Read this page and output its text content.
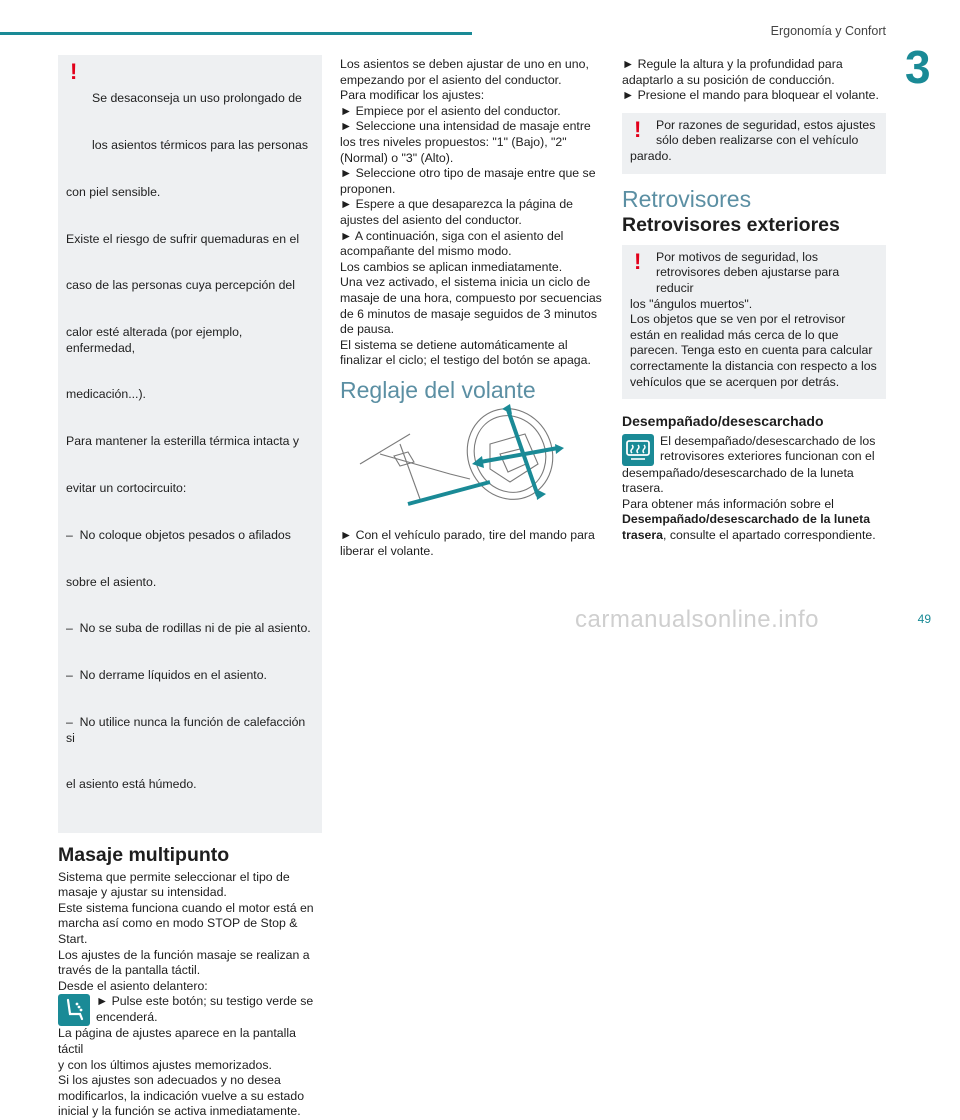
Ergonomía y Confort
3
!

Se desaconseja un uso prolongado de

los asientos térmicos para las personas

con piel sensible.

Existe el riesgo de sufrir quemaduras en el

caso de las personas cuya percepción del

calor esté alterada (por ejemplo, enfermedad,

medicación...).

Para mantener la esterilla térmica intacta y

evitar un cortocircuito:

–  No coloque objetos pesados o afilados

sobre el asiento.

–  No se suba de rodillas ni de pie al asiento.

–  No derrame líquidos en el asiento.

–  No utilice nunca la función de calefacción si

el asiento está húmedo.

Masaje multipunto
Sistema que permite seleccionar el tipo de
masaje y ajustar su intensidad.
Este sistema funciona cuando el motor está en
marcha así como en modo STOP de Stop &
Start.
Los ajustes de la función masaje se realizan a
través de la pantalla táctil.
Desde el asiento delantero:
► Pulse este botón; su testigo verde se
encenderá.
La página de ajustes aparece en la pantalla táctil
y con los últimos ajustes memorizados.
Si los ajustes son adecuados y no desea
modificarlos, la indicación vuelve a su estado
inicial y la función se activa inmediatamente.
Los asientos se deben ajustar de uno en uno,
empezando por el asiento del conductor.
Para modificar los ajustes:
► Empiece por el asiento del conductor.
► Seleccione una intensidad de masaje entre
los tres niveles propuestos: "1" (Bajo), "2"
(Normal) o "3" (Alto).
► Seleccione otro tipo de masaje entre que se
proponen.
► Espere a que desaparezca la página de
ajustes del asiento del conductor.
► A continuación, siga con el asiento del
acompañante del mismo modo.
Los cambios se aplican inmediatamente.
Una vez activado, el sistema inicia un ciclo de
masaje de una hora, compuesto por secuencias
de 6 minutos de masaje seguidos de 3 minutos
de pausa.
El sistema se detiene automáticamente al
finalizar el ciclo; el testigo del botón se apaga.
Reglaje del volante
► Con el vehículo parado, tire del mando para
liberar el volante.
► Regule la altura y la profundidad para
adaptarlo a su posición de conducción.
► Presione el mando para bloquear el volante.
!	Por razones de seguridad, estos ajustes
sólo deben realizarse con el vehículo
parado.
Retrovisores
Retrovisores exteriores
!	Por motivos de seguridad, los
retrovisores deben ajustarse para reducir
los "ángulos muertos".
Los objetos que se ven por el retrovisor
están en realidad más cerca de lo que
parecen. Tenga esto en cuenta para calcular
correctamente la distancia con respecto a los
vehículos que se acerquen por detrás.
Desempañado/desescarchado
El desempañado/desescarchado de los
retrovisores exteriores funcionan con el
desempañado/desescarchado de la luneta
trasera.
Para obtener más información sobre el
Desempañado/desescarchado de la luneta
trasera, consulte el apartado correspondiente.
carmanualsonline.info	49
